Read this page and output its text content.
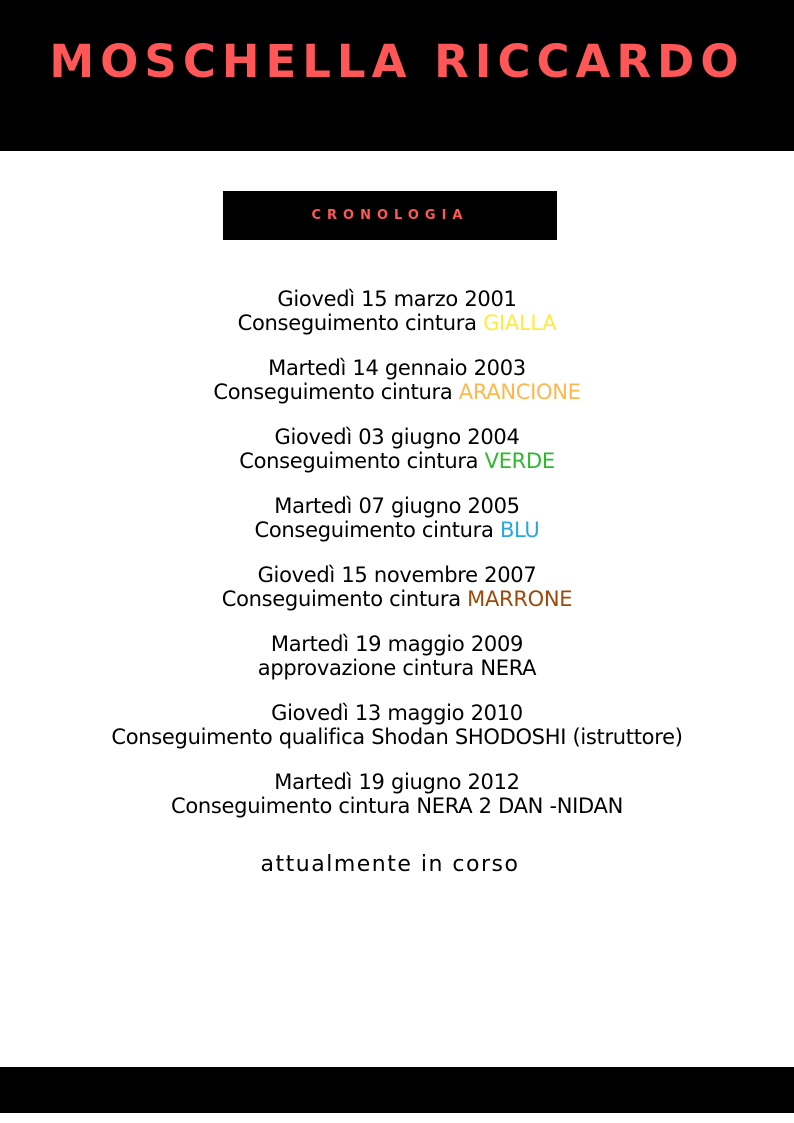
MOSCHELLA RICCARDO
CRONOLOGIA
Giovedì 15 marzo 2001
Conseguimento cintura GIALLA
Martedì 14 gennaio 2003
Conseguimento cintura ARANCIONE
Giovedì 03 giugno 2004
Conseguimento cintura VERDE
Martedì 07 giugno 2005
Conseguimento cintura BLU
Giovedì 15 novembre 2007
Conseguimento cintura MARRONE
Martedì 19 maggio 2009
approvazione cintura NERA
Giovedì 13 maggio 2010
Conseguimento qualifica Shodan SHODOSHI (istruttore)
Martedì 19 giugno 2012
Conseguimento cintura NERA 2 DAN -NIDAN
attualmente in corso
